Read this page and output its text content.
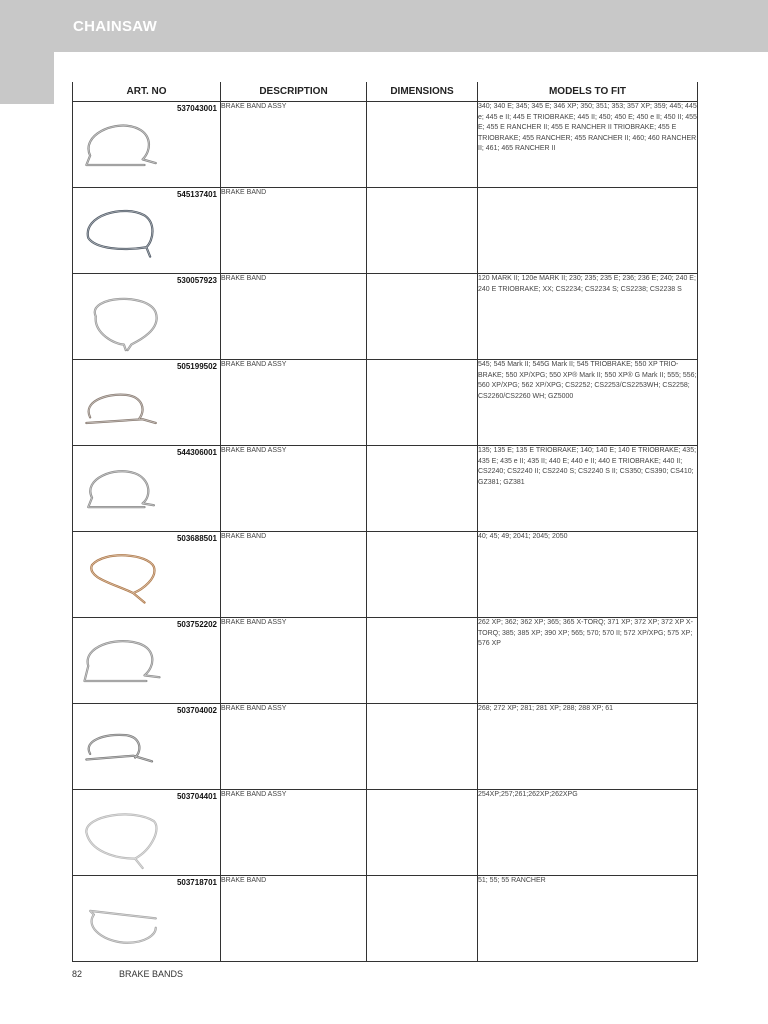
CHAINSAW
ART. NO	DESCRIPTION	DIMENSIONS	MODELS TO FIT

537043001	BRAKE BAND ASSY		340; 340 E; 345; 345 E; 346 XP; 350; 351; 353; 357 XP; 359; 445; 445 e; 445 e II; 445 E TRIOBRAKE; 445 II; 450; 450 E; 450 e II; 450 II; 455 E; 455 E RANCHER II; 455 E RANCHER II TRIOBRAKE; 455 E TRIOBRAKE; 455 RANCHER; 455 RANCHER II; 460; 460 RANCHER II; 461; 465 RANCHER II

545137401	BRAKE BAND		

530057923	BRAKE BAND		120 MARK II; 120e MARK II; 230; 235; 235 E; 236; 236 E; 240; 240 E; 240 E TRIOBRAKE; XX; CS2234; CS2234 S; CS2238; CS2238 S

505199502	BRAKE BAND ASSY		545; 545 Mark II; 545G Mark II; 545 TRIOBRAKE; 550 XP TRIO-BRAKE; 550 XP/XPG; 550 XP® Mark II; 550 XP® G Mark II; 555; 556; 560 XP/XPG; 562 XP/XPG; CS2252; CS2253/CS2253WH; CS2258; CS2260/CS2260 WH; GZ5000

544306001	BRAKE BAND ASSY		135; 135 E; 135 E TRIOBRAKE; 140; 140 E; 140 E TRIOBRAKE; 435; 435 E; 435 e II; 435 II; 440 E; 440 e II; 440 E TRIOBRAKE; 440 II; CS2240; CS2240 II; CS2240 S; CS2240 S II; CS350; CS390; CS410; GZ381; GZ381

503688501	BRAKE BAND		40; 45; 49; 2041; 2045; 2050

503752202	BRAKE BAND ASSY		262 XP; 362; 362 XP; 365; 365 X-TORQ; 371 XP; 372 XP; 372 XP X-TORQ; 385; 385 XP; 390 XP; 565; 570; 570 II; 572 XP/XPG; 575 XP; 576 XP

503704002	BRAKE BAND ASSY		268; 272 XP; 281; 281 XP; 288; 288 XP; 61

503704401	BRAKE BAND ASSY		254XP;257;261;262XP;262XPG

503718701	BRAKE BAND		51; 55; 55 RANCHER
82	BRAKE BANDS
